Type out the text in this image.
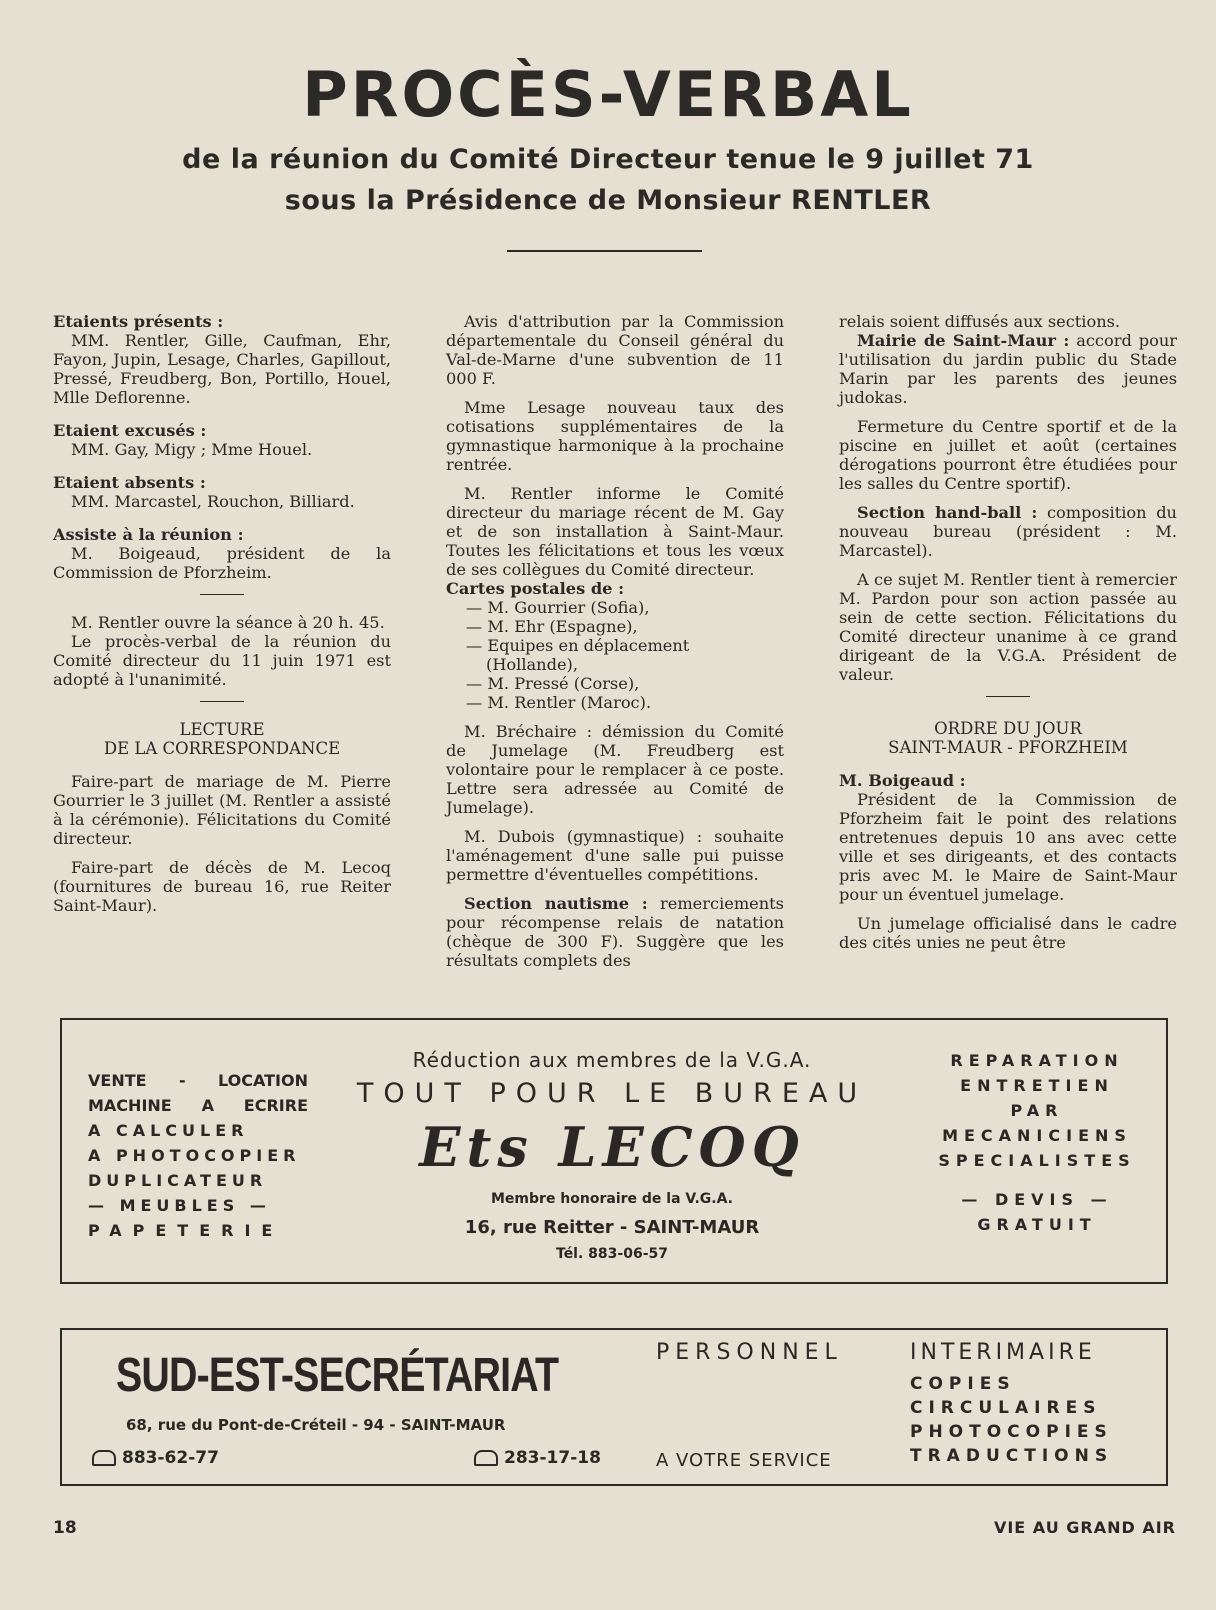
PROCÈS-VERBAL
de la réunion du Comité Directeur tenue le 9 juillet 71
sous la Présidence de Monsieur RENTLER

Etaients présents :

MM. Rentler, Gille, Caufman, Ehr, Fayon, Jupin, Lesage, Charles, Gapillout, Pressé, Freudberg, Bon, Portillo, Houel, Mlle Deflorenne.

Etaient excusés :

MM. Gay, Migy ; Mme Houel.

Etaient absents :

MM. Marcastel, Rouchon, Billiard.

Assiste à la réunion :

M. Boigeaud, président de la Commission de Pforzheim.

M. Rentler ouvre la séance à 20 h. 45.

Le procès-verbal de la réunion du Comité directeur du 11 juin 1971 est adopté à l'unanimité.

LECTURE

DE LA CORRESPONDANCE

Faire-part de mariage de M. Pierre Gourrier le 3 juillet (M. Rentler a assisté à la cérémonie). Félicitations du Comité directeur.

Faire-part de décès de M. Lecoq (fournitures de bureau 16, rue Reiter Saint-Maur).

Avis d'attribution par la Commission départementale du Conseil général du Val-de-Marne d'une subvention de 11 000 F.

Mme Lesage nouveau taux des cotisations supplémentaires de la gymnastique harmonique à la prochaine rentrée.

M. Rentler informe le Comité directeur du mariage récent de M. Gay et de son installation à Saint-Maur. Toutes les félicitations et tous les vœux de ses collègues du Comité directeur.

Cartes postales de :

— M. Gourrier (Sofia),
— M. Ehr (Espagne),
— Equipes en déplacement (Hollande),
— M. Pressé (Corse),
— M. Rentler (Maroc).

M. Bréchaire : démission du Comité de Jumelage (M. Freudberg est volontaire pour le remplacer à ce poste. Lettre sera adressée au Comité de Jumelage).

M. Dubois (gymnastique) : souhaite l'aménagement d'une salle pui puisse permettre d'éventuelles compétitions.

Section nautisme : remerciements pour récompense relais de natation (chèque de 300 F). Suggère que les résultats complets des

relais soient diffusés aux sections.

Mairie de Saint-Maur : accord pour l'utilisation du jardin public du Stade Marin par les parents des jeunes judokas.

Fermeture du Centre sportif et de la piscine en juillet et août (certaines dérogations pourront être étudiées pour les salles du Centre sportif).

Section hand-ball : composition du nouveau bureau (président : M. Marcastel).

A ce sujet M. Rentler tient à remercier M. Pardon pour son action passée au sein de cette section. Félicitations du Comité directeur unanime à ce grand dirigeant de la V.G.A. Président de valeur.

ORDRE DU JOUR

SAINT-MAUR - PFORZHEIM

M. Boigeaud :

Président de la Commission de Pforzheim fait le point des relations entretenues depuis 10 ans avec cette ville et ses dirigeants, et des contacts pris avec M. le Maire de Saint-Maur pour un éventuel jumelage.

Un jumelage officialisé dans le cadre des cités unies ne peut être

VENTE - LOCATION
MACHINE A ECRIRE
A CALCULER
A PHOTOCOPIER
DUPLICATEUR
— MEUBLES —
PAPETERIE
Réduction aux membres de la V.G.A.
TOUT POUR LE BUREAU
Ets LECOQ
Membre honoraire de la V.G.A.
16, rue Reitter - SAINT-MAUR
Tél. 883-06-57
REPARATION
ENTRETIEN
PAR
MECANICIENS
SPECIALISTES
— DEVIS —
GRATUIT
SUD-EST-SECRÉTARIAT
68, rue du Pont-de-Créteil - 94 - SAINT-MAUR
883-62-77	283-17-18
PERSONNEL	INTERIMAIRE
A VOTRE SERVICE
COPIES
CIRCULAIRES
PHOTOCOPIES
TRADUCTIONS
18	VIE AU GRAND AIR
